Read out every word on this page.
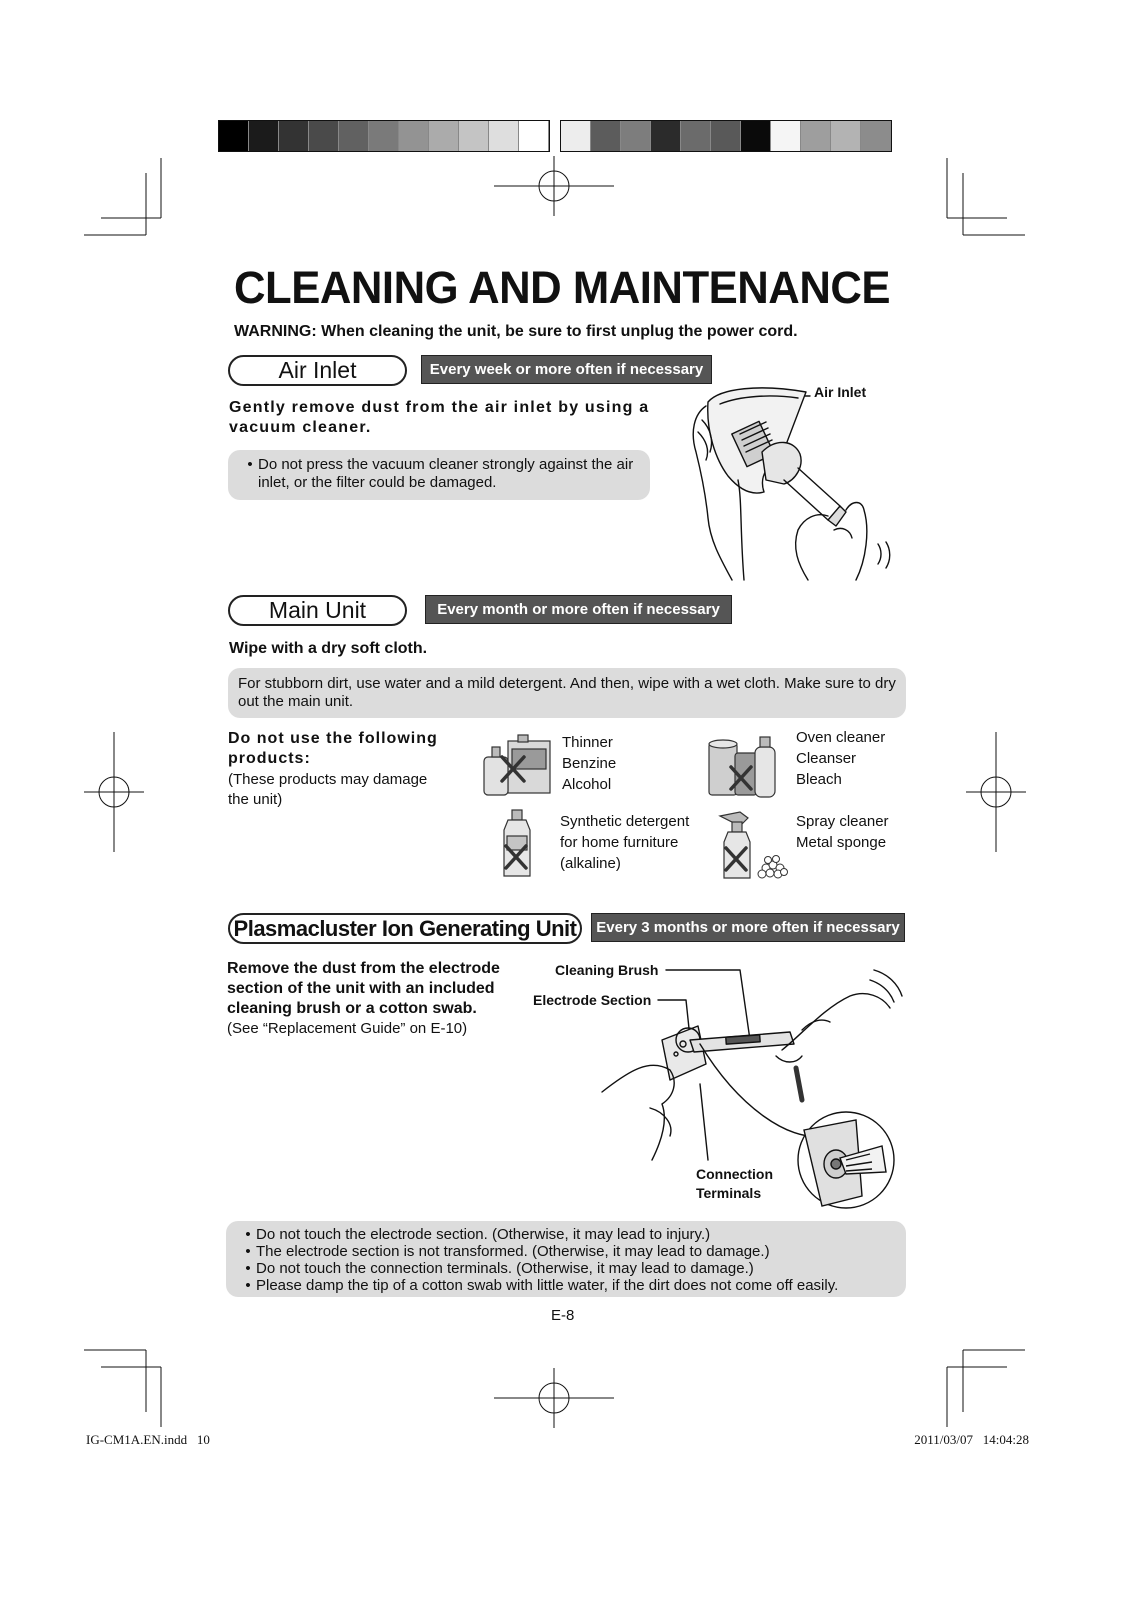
CLEANING AND MAINTENANCE
WARNING: When cleaning the unit, be sure to first unplug the power cord.
Air Inlet	Every week or more often if necessary
Gently remove dust from the air inlet by using a vacuum cleaner.
• Do not press the vacuum cleaner strongly against the air inlet, or the filter could be damaged.
Air Inlet
Main Unit	Every month or more often if necessary
Wipe with a dry soft cloth.
For stubborn dirt, use water and a mild detergent. And then, wipe with a wet cloth. Make sure to dry out the main unit.
Do not use the following products:
(These products may damage the unit)
Thinner
Benzine
Alcohol
Oven cleaner
Cleanser
Bleach
Synthetic detergent
for home furniture
(alkaline)
Spray cleaner
Metal sponge
Plasmacluster Ion Generating Unit	Every 3 months or more often if necessary
Remove the dust from the electrode section of the unit with an included cleaning brush or a cotton swab.
(See “Replacement Guide” on E-10)
Cleaning Brush
Electrode Section
Connection Terminals
• Do not touch the electrode section. (Otherwise, it may lead to injury.)
• The electrode section is not transformed. (Otherwise, it may lead to damage.)
• Do not touch the connection terminals. (Otherwise, it may lead to damage.)
• Please damp the tip of a cotton swab with little water, if the dirt does not come off easily.
E-8
IG-CM1A.EN.indd   10	2011/03/07   14:04:28
